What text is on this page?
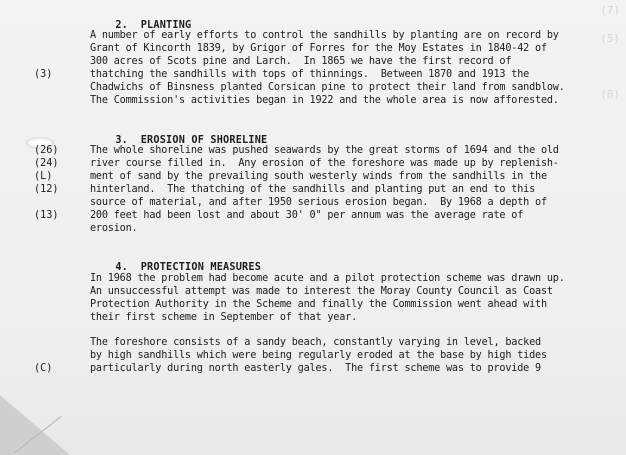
(7)

(5)

(8)

2. PLANTING

A number of early efforts to control the sandhills by planting are on record by
Grant of Kincorth 1839, by Grigor of Forres for the Moy Estates in 1840-42 of
300 acres of Scots pine and Larch.  In 1865 we have the first record of
thatching the sandhills with tops of thinnings.  Between 1870 and 1913 the
Chadwichs of Binsness planted Corsican pine to protect their land from sandblow.
The Commission's activities began in 1922 and the whole area is now afforested.
(3)

3. EROSION OF SHORELINE

The whole shoreline was pushed seawards by the great storms of 1694 and the old
river course filled in.  Any erosion of the foreshore was made up by replenish-
ment of sand by the prevailing south westerly winds from the sandhills in the
hinterland.  The thatching of the sandhills and planting put an end to this
source of material, and after 1950 serious erosion began.  By 1968 a depth of
200 feet had been lost and about 30' 0" per annum was the average rate of
erosion.
(26)
(24)
(L)
(12)
(13)

4. PROTECTION MEASURES

In 1968 the problem had become acute and a pilot protection scheme was drawn up.
An unsuccessful attempt was made to interest the Moray County Council as Coast
Protection Authority in the Scheme and finally the Commission went ahead with
their first scheme in September of that year.
The foreshore consists of a sandy beach, constantly varying in level, backed
by high sandhills which were being regularly eroded at the base by high tides
particularly during north easterly gales.  The first scheme was to provide 9
(C)
